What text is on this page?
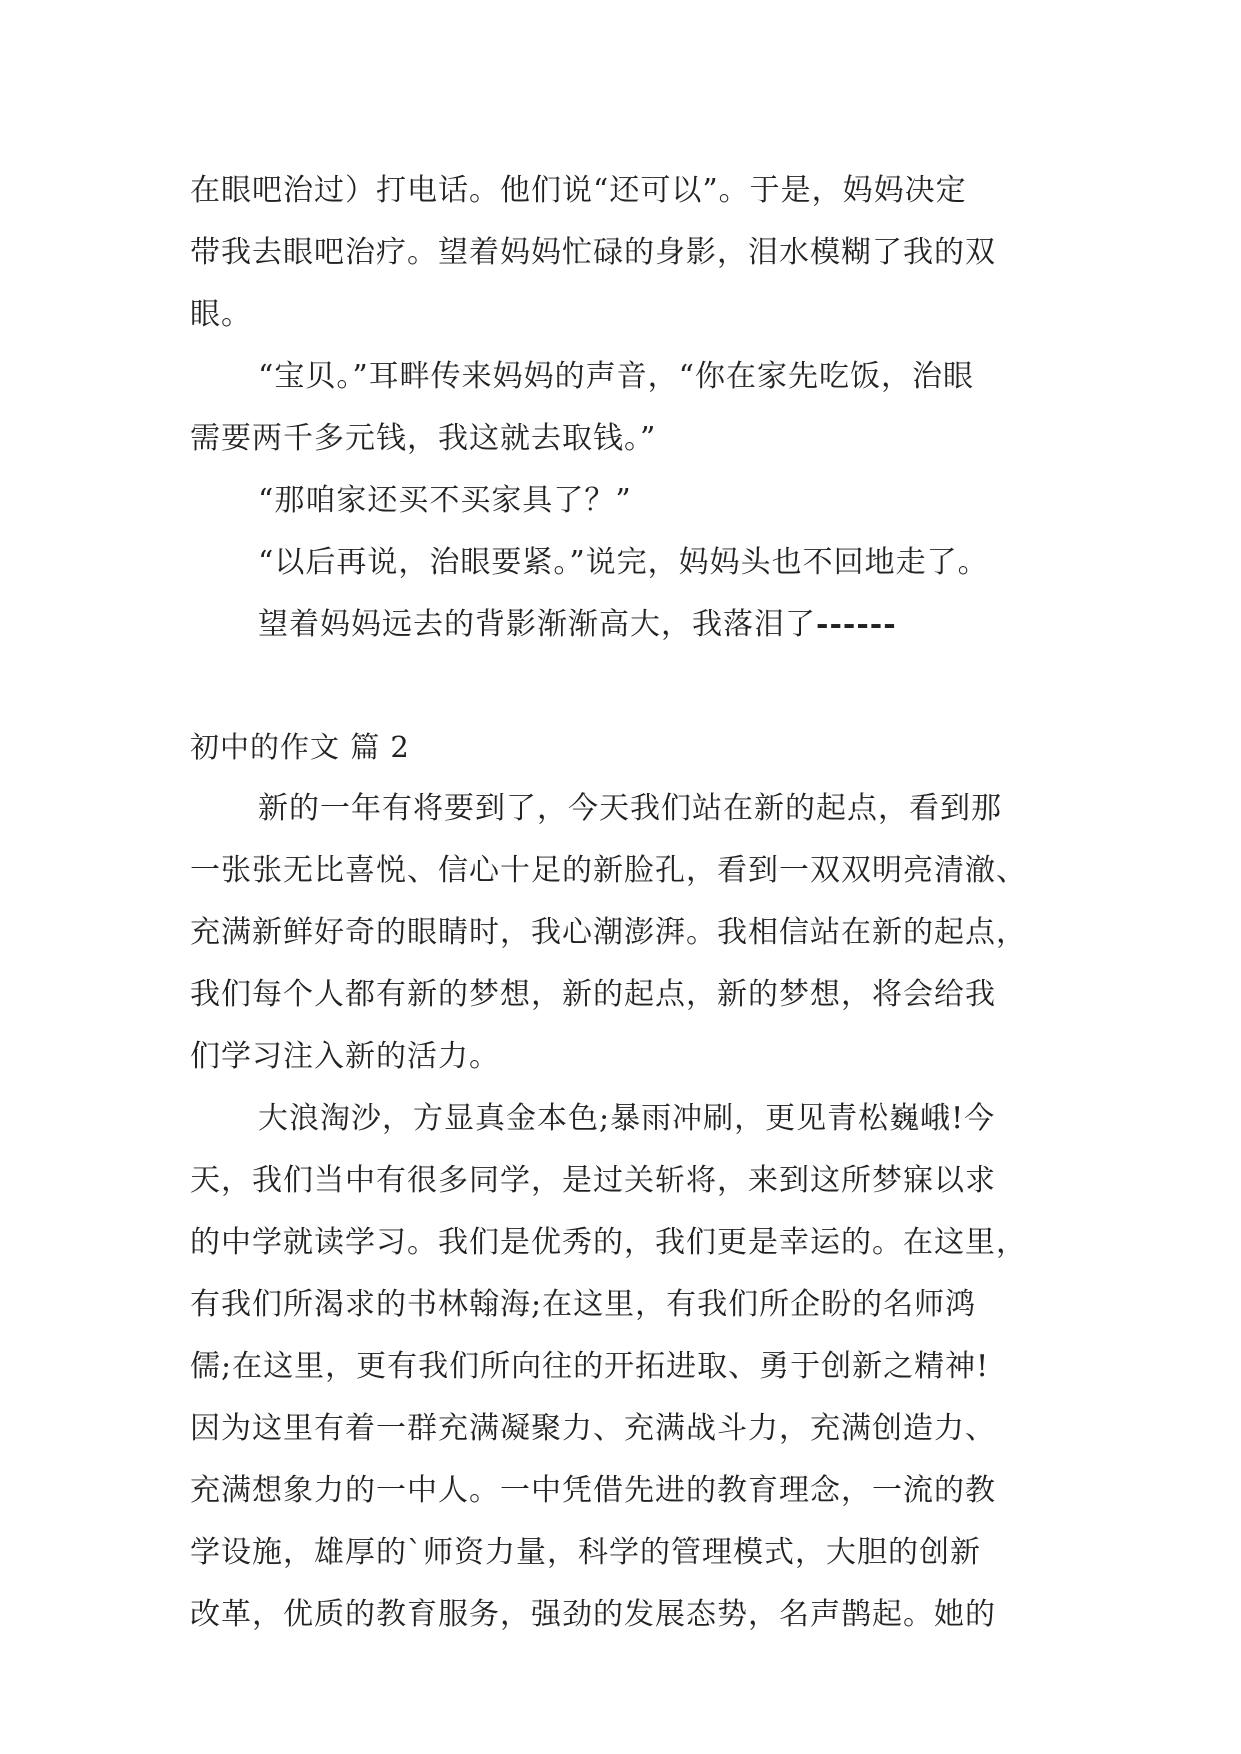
在眼吧治过）打电话。他们说“还可以”。于是，妈妈决定
带我去眼吧治疗。望着妈妈忙碌的身影，泪水模糊了我的双
眼。
“宝贝。”耳畔传来妈妈的声音，“你在家先吃饭，治眼
需要两千多元钱，我这就去取钱。”
“那咱家还买不买家具了？”
“以后再说，治眼要紧。”说完，妈妈头也不回地走了。
望着妈妈远去的背影渐渐高大，我落泪了------
初中的作文 篇 2
新的一年有将要到了，今天我们站在新的起点，看到那
一张张无比喜悦、信心十足的新脸孔，看到一双双明亮清澈、
充满新鲜好奇的眼睛时，我心潮澎湃。我相信站在新的起点，
我们每个人都有新的梦想，新的起点，新的梦想，将会给我
们学习注入新的活力。
大浪淘沙，方显真金本色;暴雨冲刷，更见青松巍峨!今
天，我们当中有很多同学，是过关斩将，来到这所梦寐以求
的中学就读学习。我们是优秀的，我们更是幸运的。在这里，
有我们所渴求的书林翰海;在这里，有我们所企盼的名师鸿
儒;在这里，更有我们所向往的开拓进取、勇于创新之精神!
因为这里有着一群充满凝聚力、充满战斗力，充满创造力、
充满想象力的一中人。一中凭借先进的教育理念，一流的教
学设施，雄厚的`师资力量，科学的管理模式，大胆的创新
改革，优质的教育服务，强劲的发展态势，名声鹊起。她的
